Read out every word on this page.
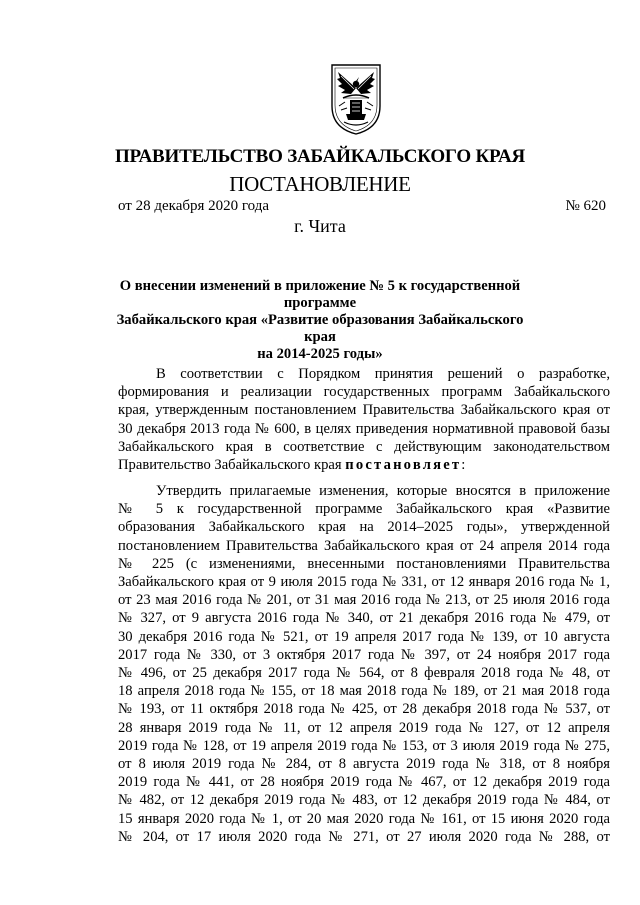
ПРАВИТЕЛЬСТВО ЗАБАЙКАЛЬСКОГО КРАЯ
ПОСТАНОВЛЕНИЕ
от 28 декабря 2020 года	№ 620
г. Чита
О внесении изменений в приложение № 5 к государственной программе
Забайкальского края «Развитие образования Забайкальского края
на 2014-2025 годы»
В соответствии с Порядком принятия решений о разработке,
формирования и реализации государственных программ Забайкальского
края, утвержденным постановлением Правительства Забайкальского края от
30 декабря 2013 года № 600, в целях приведения нормативной правовой базы
Забайкальского края в соответствие с действующим законодательством
Правительство Забайкальского края постановляет:
Утвердить прилагаемые изменения, которые вносятся в приложение
№ 5 к государственной программе Забайкальского края «Развитие
образования Забайкальского края на 2014–2025 годы», утвержденной
постановлением Правительства Забайкальского края от 24 апреля 2014 года
№ 225 (с изменениями, внесенными постановлениями Правительства
Забайкальского края от 9 июля 2015 года № 331, от 12 января 2016 года № 1,
от 23 мая 2016 года № 201, от 31 мая 2016 года № 213, от 25 июля 2016 года
№ 327, от 9 августа 2016 года № 340, от 21 декабря 2016 года № 479, от
30 декабря 2016 года № 521, от 19 апреля 2017 года № 139, от 10 августа
2017 года № 330, от 3 октября 2017 года № 397, от 24 ноября 2017 года
№ 496, от 25 декабря 2017 года № 564, от 8 февраля 2018 года № 48, от
18 апреля 2018 года № 155, от 18 мая 2018 года № 189, от 21 мая 2018 года
№ 193, от 11 октября 2018 года № 425, от 28 декабря 2018 года № 537, от
28 января 2019 года № 11, от 12 апреля 2019 года № 127, от 12 апреля
2019 года № 128, от 19 апреля 2019 года № 153, от 3 июля 2019 года № 275,
от 8 июля 2019 года № 284, от 8 августа 2019 года № 318, от 8 ноября
2019 года № 441, от 28 ноября 2019 года № 467, от 12 декабря 2019 года
№ 482, от 12 декабря 2019 года № 483, от 12 декабря 2019 года № 484, от
15 января 2020 года № 1, от 20 мая 2020 года № 161, от 15 июня 2020 года
№ 204, от 17 июля 2020 года № 271, от 27 июля 2020 года № 288, от
